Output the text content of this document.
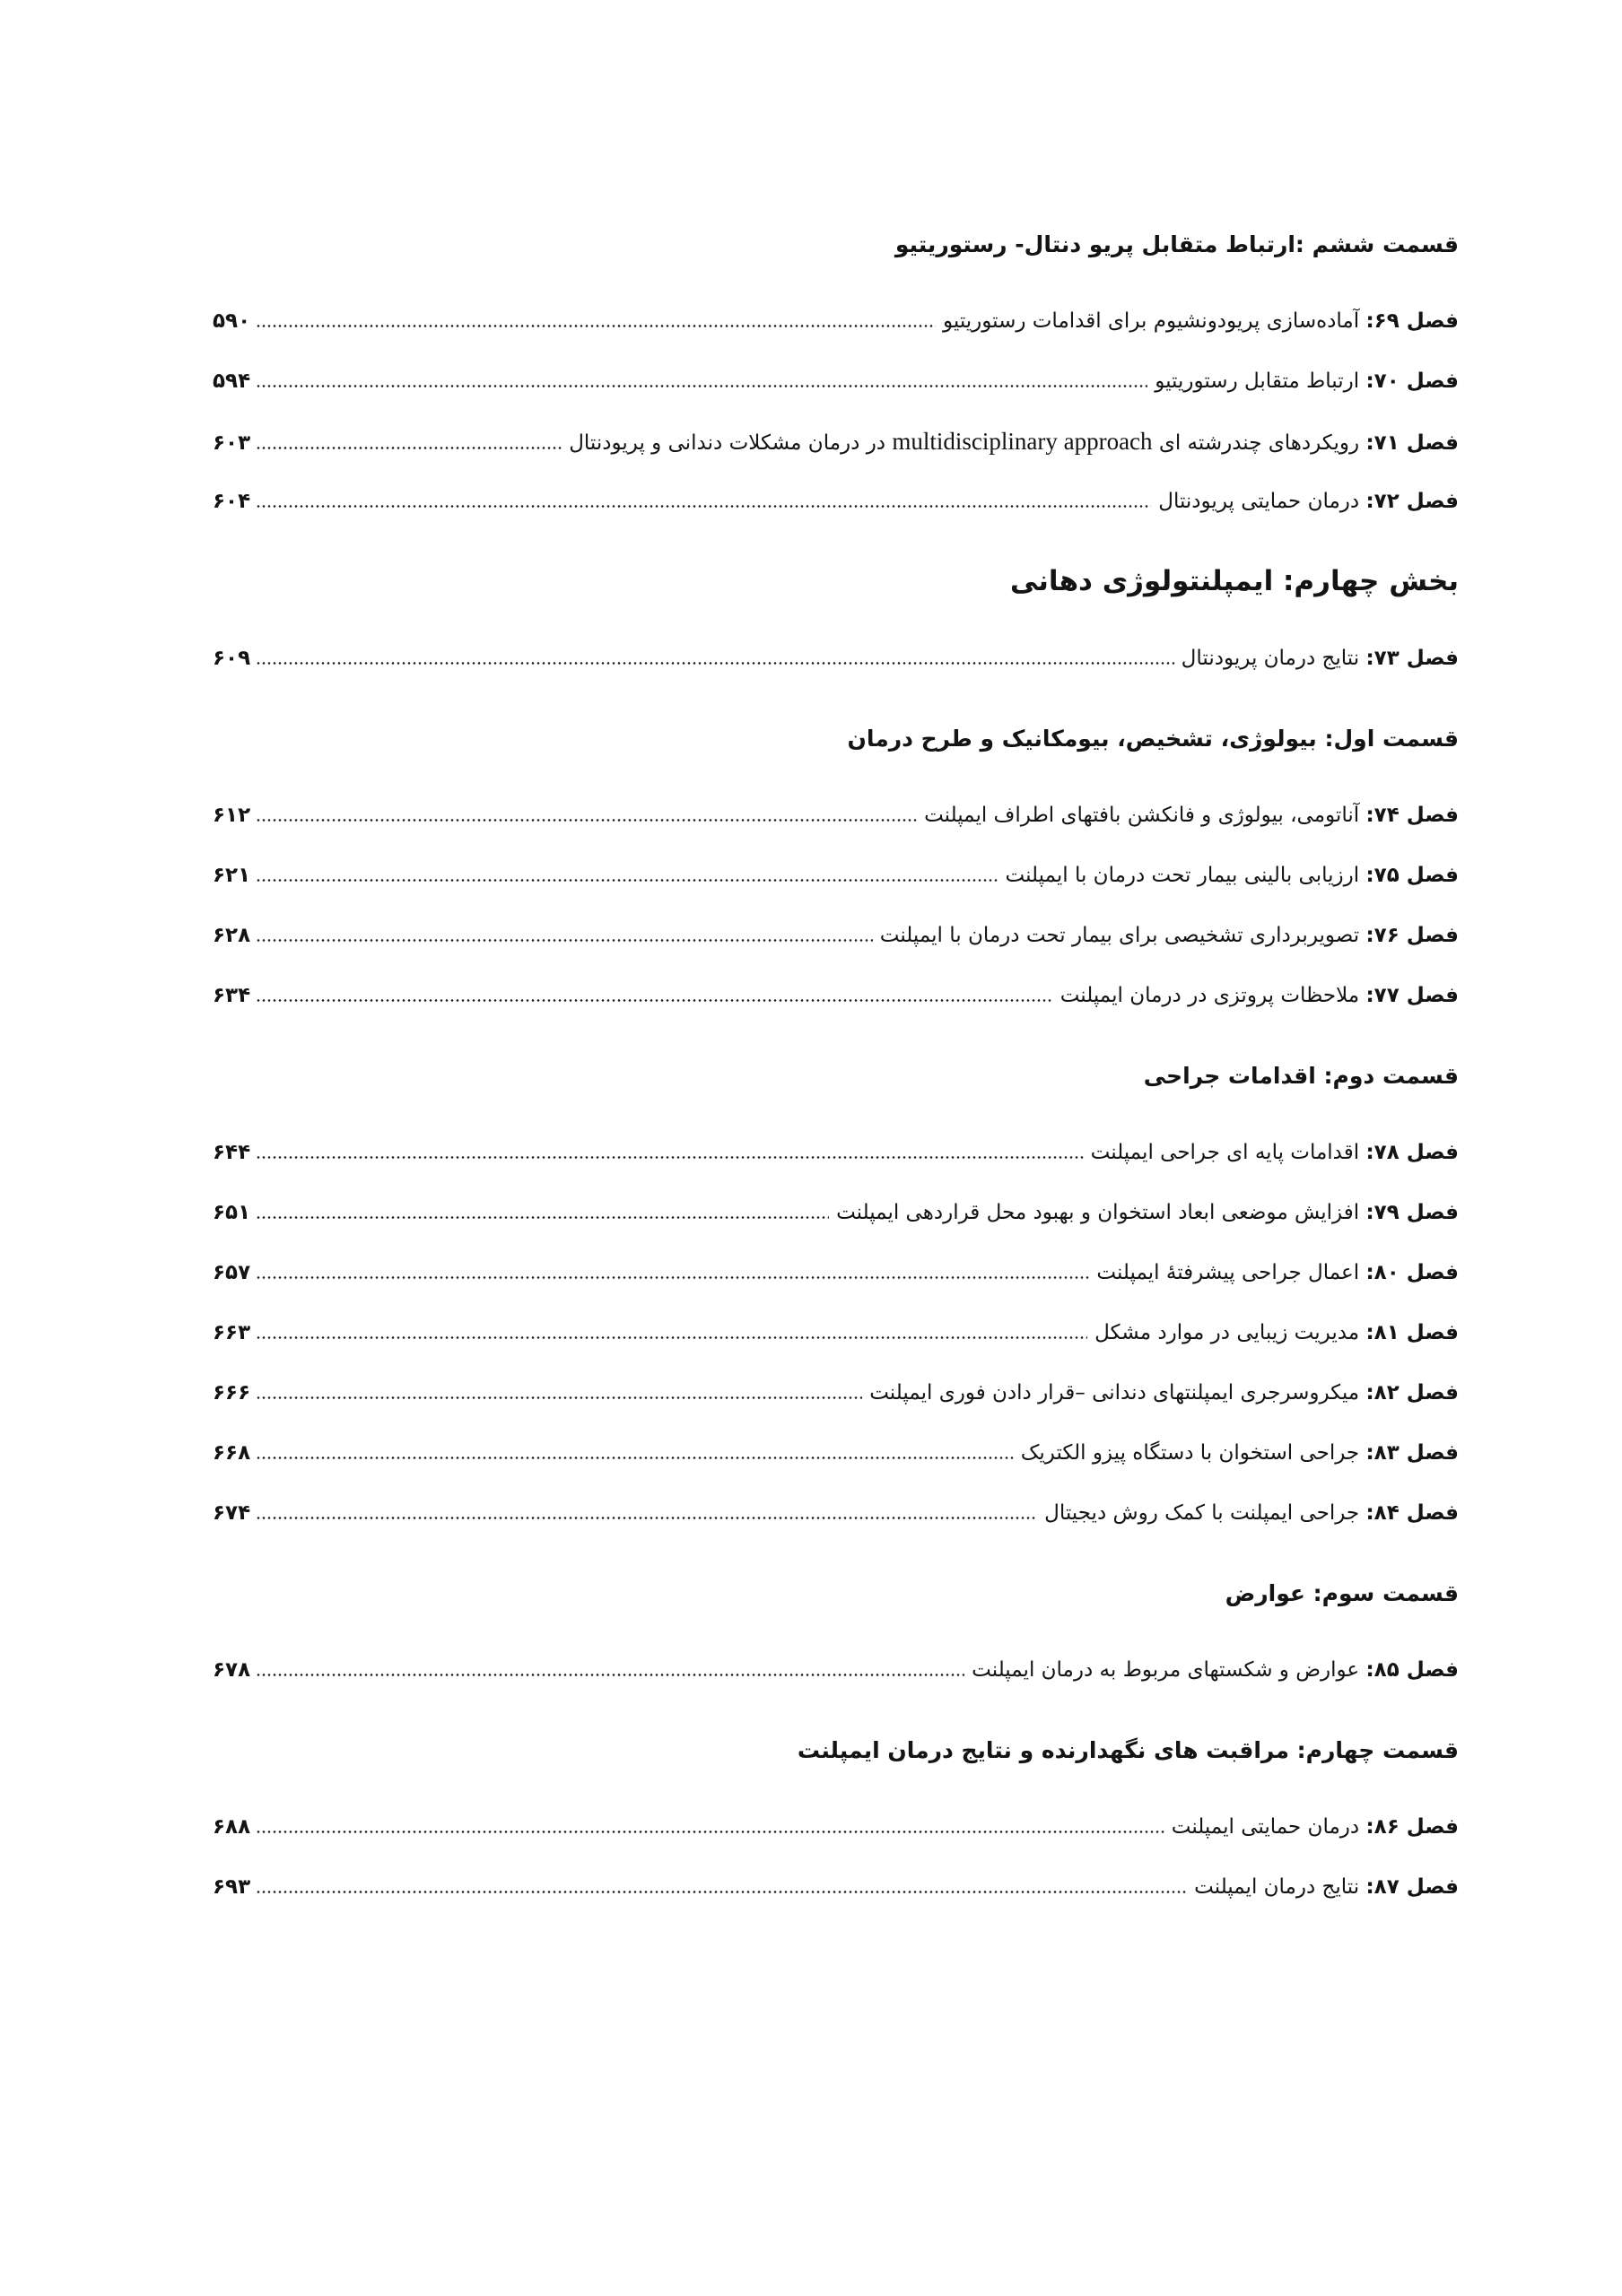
قسمت ششم :ارتباط متقابل پریو دنتال- رستوریتیو
فصل ۶۹: آماده‌سازی پریودونشیوم برای اقدامات رستوریتیو
۵۹۰
فصل ۷۰: ارتباط متقابل رستوریتیو
۵۹۴
فصل ۷۱: رویکردهای چندرشته ای multidisciplinary approach در درمان مشکلات دندانی و پریودنتال
۶۰۳
فصل ۷۲: درمان حمایتی پریودنتال
۶۰۴
بخش چهارم: ایمپلنتولوژی دهانی
فصل ۷۳: نتایج درمان پریودنتال
۶۰۹
قسمت اول: بیولوژی، تشخیص، بیومکانیک و طرح درمان
فصل ۷۴: آناتومی، بیولوژی و فانکشن بافتهای اطراف ایمپلنت
۶۱۲
فصل ۷۵: ارزیابی بالینی بیمار تحت درمان با ایمپلنت
۶۲۱
فصل ۷۶: تصویربرداری تشخیصی برای بیمار تحت درمان با ایمپلنت
۶۲۸
فصل ۷۷: ملاحظات پروتزی در درمان ایمپلنت
۶۳۴
قسمت دوم: اقدامات جراحی
فصل ۷۸: اقدامات پایه ای جراحی ایمپلنت
۶۴۴
فصل ۷۹: افزایش موضعی ابعاد استخوان و بهبود محل قراردهی ایمپلنت
۶۵۱
فصل ۸۰: اعمال جراحی پیشرفتهٔ ایمپلنت
۶۵۷
فصل ۸۱: مدیریت زیبایی در موارد مشکل
۶۶۳
فصل ۸۲: میکروسرجری ایمپلنتهای دندانی –قرار دادن فوری ایمپلنت
۶۶۶
فصل ۸۳: جراحی استخوان با دستگاه پیزو الکتریک
۶۶۸
فصل ۸۴: جراحی ایمپلنت با کمک روش دیجیتال
۶۷۴
قسمت سوم: عوارض
فصل ۸۵: عوارض و شکستهای مربوط به درمان ایمپلنت
۶۷۸
قسمت چهارم: مراقبت های نگهدارنده و نتایج درمان ایمپلنت
فصل ۸۶: درمان حمایتی ایمپلنت
۶۸۸
فصل ۸۷: نتایج درمان ایمپلنت
۶۹۳
